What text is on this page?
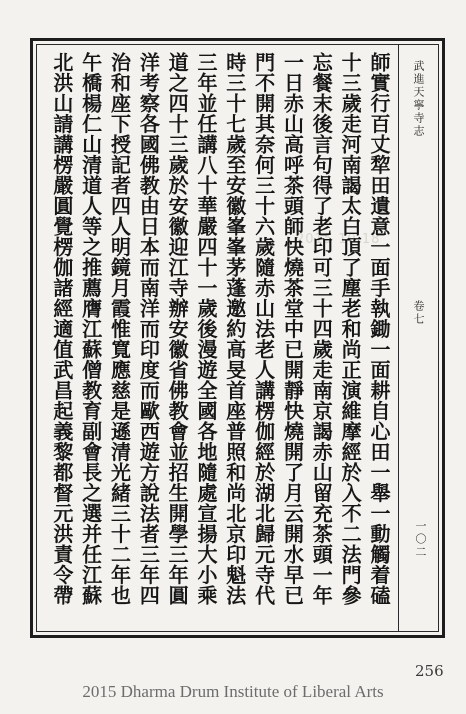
武進天寧寺志
卷七
一〇二
2015 10 18
師實行百丈犂田遺意一面手執鋤一面耕自心田一舉一動觸着磕
十三歲走河南謁太白頂了塵老和尚正演維摩經於入不二法門參
忘餐末後言句得了老印可三十四歲走南京謁赤山留充茶頭一年
一日赤山高呼茶頭師快燒茶堂中已開靜快燒開了月云開水早已
門不開其奈何三十六歲隨赤山法老人講楞伽經於湖北歸元寺代
時三十七歲至安徽峯峯茅蓬邀約高旻首座普照和尚北京印魁法
三年並任講八十華嚴四十一歲後漫遊全國各地隨處宣揚大小乘
道之四十三歲於安徽迎江寺辦安徽省佛教會並招生開學三年圓
洋考察各國佛教由日本而南洋而印度而歐西遊方說法者三年四
治和座下授記者四人明鏡月霞惟寬應慈是遜清光緒三十二年也
午橋楊仁山清道人等之推薦膺江蘇僧教育副會長之選并任江蘇
北洪山請講楞嚴圓覺楞伽諸經適值武昌起義黎都督元洪責令帶
256
2015 Dharma Drum Institute of Liberal Arts
